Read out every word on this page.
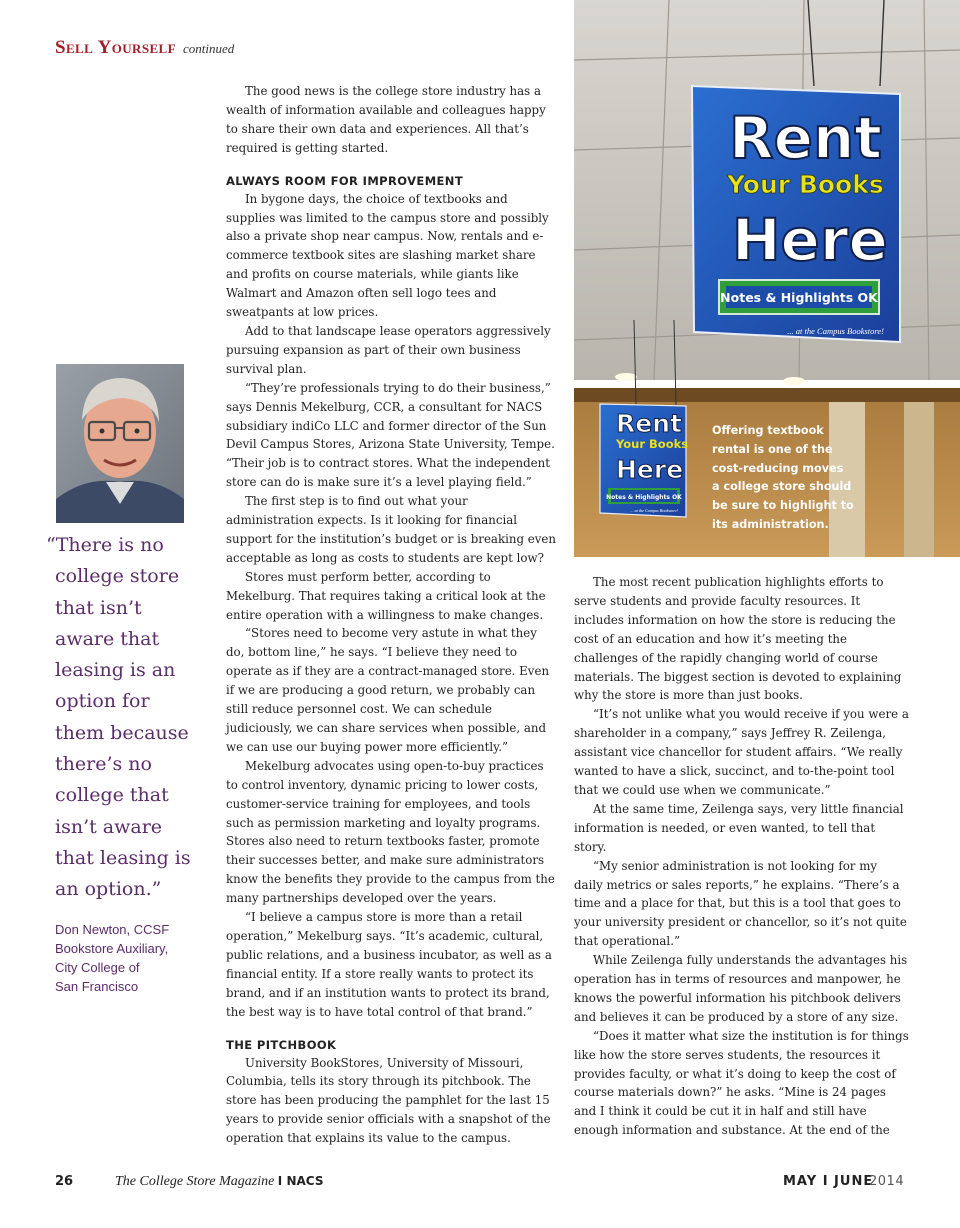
Sell Yourself continued
“There is no
college store
that isn’t
aware that
leasing is an
option for
them because
there’s no
college that
isn’t aware
that leasing is
an option.”
Don Newton, CCSF
Bookstore Auxiliary,
City College of
San Francisco

The good news is the college store industry has a wealth of information available and colleagues happy to share their own data and experiences. All that’s required is getting started.

ALWAYS ROOM FOR IMPROVEMENT

In bygone days, the choice of textbooks and supplies was limited to the campus store and possibly also a private shop near campus. Now, rentals and e-commerce textbook sites are slashing market share and profits on course materials, while giants like Walmart and Amazon often sell logo tees and sweatpants at low prices.

Add to that landscape lease operators aggressively pursuing expansion as part of their own business survival plan.

“They’re professionals trying to do their business,” says Dennis Mekelburg, CCR, a consultant for NACS subsidiary indiCo LLC and former director of the Sun Devil Campus Stores, Arizona State University, Tempe. “Their job is to contract stores. What the independent store can do is make sure it’s a level playing field.”

The first step is to find out what your administration expects. Is it looking for financial support for the institution’s budget or is breaking even acceptable as long as costs to students are kept low?

Stores must perform better, according to Mekelburg. That requires taking a critical look at the entire operation with a willingness to make changes.

“Stores need to become very astute in what they do, bottom line,” he says. “I believe they need to operate as if they are a contract-managed store. Even if we are producing a good return, we probably can still reduce personnel cost. We can schedule judiciously, we can share services when possible, and we can use our buying power more efficiently.”

Mekelburg advocates using open-to-buy practices to control inventory, dynamic pricing to lower costs, customer-service training for employees, and tools such as permission marketing and loyalty programs. Stores also need to return textbooks faster, promote their successes better, and make sure administrators know the benefits they provide to the campus from the many partnerships developed over the years.

“I believe a campus store is more than a retail operation,” Mekelburg says. “It’s academic, cultural, public relations, and a business incubator, as well as a financial entity. If a store really wants to protect its brand, and if an institution wants to protect its brand, the best way is to have total control of that brand.”

THE PITCHBOOK

University BookStores, University of Missouri, Columbia, tells its story through its pitchbook. The store has been producing the pamphlet for the last 15 years to provide senior officials with a snapshot of the operation that explains its value to the campus.

Rent
Your Books
Here
Notes & Highlights OK
... at the Campus Bookstore!
Rent
Your Books
Here
Notes & Highlights OK
... at the Campus Bookstore!
Offering textbook
rental is one of the
cost-reducing moves
a college store should
be sure to highlight to
its administration.

The most recent publication highlights efforts to serve students and provide faculty resources. It includes information on how the store is reducing the cost of an education and how it’s meeting the challenges of the rapidly changing world of course materials. The biggest section is devoted to explaining why the store is more than just books.

“It’s not unlike what you would receive if you were a shareholder in a company,” says Jeffrey R. Zeilenga, assistant vice chancellor for student affairs. “We really wanted to have a slick, succinct, and to-the-point tool that we could use when we communicate.”

At the same time, Zeilenga says, very little financial information is needed, or even wanted, to tell that story.

“My senior administration is not looking for my daily metrics or sales reports,” he explains. “There’s a time and a place for that, but this is a tool that goes to your university president or chancellor, so it’s not quite that operational.”

While Zeilenga fully understands the advantages his operation has in terms of resources and manpower, he knows the powerful information his pitchbook delivers and believes it can be produced by a store of any size.

“Does it matter what size the institution is for things like how the store serves students, the resources it provides faculty, or what it’s doing to keep the cost of course materials down?” he asks. “Mine is 24 pages and I think it could be cut it in half and still have enough information and substance. At the end of the

26	The College Store Magazine I NACS	MAY I JUNE
2014
